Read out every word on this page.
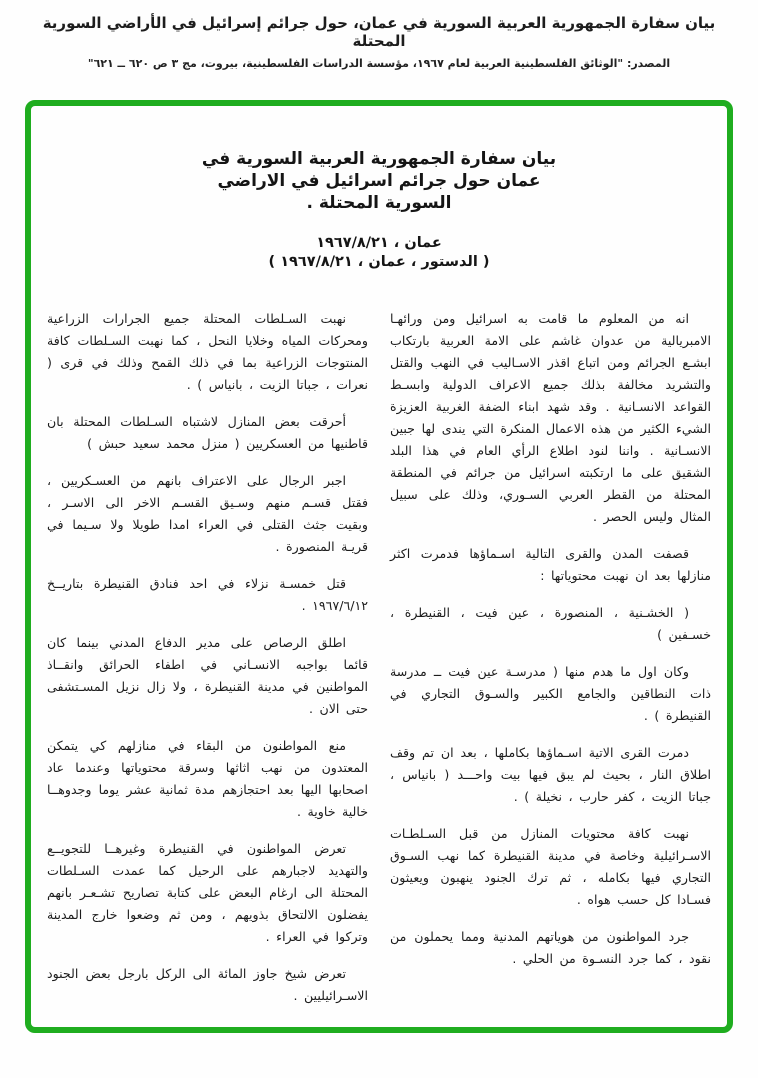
بيان سفارة الجمهورية العربية السورية في عمان، حول جرائم إسرائيل في الأراضي السورية المحتلة
المصدر: "الوثائق الفلسطينية العربية لعام ١٩٦٧، مؤسسة الدراسات الفلسطينية، بيروت، مج ٣ ص ٦٢٠ ــ ٦٢١"
بيان سفارة الجمهورية العربية السورية في
عمان حول جرائم اسرائيل في الاراضي
السورية المحتلة .
عمان ، ١٩٦٧/٨/٢١
( الدستور ، عمان ، ١٩٦٧/٨/٢١ )

انه من المعلوم ما قامت به اسرائيل ومن ورائهـا الامبريالية من عدوان غاشم على الامة العربية بارتكاب ابشـع الجرائم ومن اتباع اقذر الاسـاليب في النهب والقتل والتشريد مخالفة بذلك جميع الاعراف الدولية وابسـط القواعد الانسـانية . وقد شهد ابناء الضفة الغربية العزيزة الشيء الكثير من هذه الاعمال المنكرة التي يندى لها جبين الانسـانية . واننا لنود اطلاع الرأي العام في هذا البلد الشقيق على ما ارتكبته اسرائيل من جرائم في المنطقة المحتلة من القطر العربي السـوري، وذلك على سبيل المثال وليس الحصر .

قصفت المدن والقرى التالية اسـماؤها فدمرت اكثر منازلها بعد ان نهبت محتوياتها :

( الخشـنية ، المنصورة ، عين فيت ، القنيطرة ، خسـفين )

وكان اول ما هدم منها ( مدرسـة عين فيت ــ مدرسة ذات النطاقين والجامع الكبير والسـوق التجاري في القنيطرة ) .

دمرت القرى الاتية اسـماؤها بكاملها ، بعد ان تم وقف اطلاق النار ، بحيث لم يبق فيها بيت واحـــد ( بانياس ، جباتا الزيت ، كفر حارب ، نخيلة ) .

نهبت كافة محتويات المنازل من قبل السـلطـات الاسـرائيلية وخاصة في مدينة القنيطرة كما نهب السـوق التجاري فيها بكامله ، ثم ترك الجنود ينهبون ويعيثون فسـادا كل حسب هواه .

جرد المواطنون من هوياتهم المدنية ومما يحملون من نقود ، كما جرد النسـوة من الحلي .

نهبت السـلطات المحتلة جميع الجرارات الزراعية ومحركات المياه وخلايا النحل ، كما نهبت السـلطات كافة المنتوجات الزراعية بما في ذلك القمح وذلك في قرى ( نعرات ، جباتا الزيت ، بانياس ) .

أحرقت بعض المنازل لاشتباه السـلطات المحتلة بان قاطنيها من العسكريين ( منزل محمد سعيد حبش )

اجبر الرجال على الاعتراف بانهم من العسـكريين ، فقتل قسـم منهم وسـيق القسـم الاخر الى الاسـر ، وبقيت جثث القتلى في العراء امدا طويلا ولا سـيما في قريـة المنصورة .

قتل خمسـة نزلاء في احد فنادق القنيطرة بتاريــخ ١٩٦٧/٦/١٢ .

اطلق الرصاص على مدير الدفاع المدني بينما كان قائما بواجبه الانسـاني في اطفاء الحرائق وانقــاذ المواطنين في مدينة القنيطرة ، ولا زال نزيل المسـتشفى حتى الان .

منع المواطنون من البقاء في منازلهم كي يتمكن المعتدون من نهب اثاثها وسرقة محتوياتها وعندما عاد اصحابها اليها بعد احتجازهم مدة ثمانية عشر يوما وجدوهــا خالية خاوية .

تعرض المواطنون في القنيطرة وغيرهــا للتجويــع والتهديد لاجبارهم على الرحيل كما عمدت السـلطات المحتلة الى ارغام البعض على كتابة تصاريح تشـعـر بانهم يفضلون الالتحاق بذويهم ، ومن ثم وضعوا خارج المدينة وتركوا في العراء .

تعرض شيخ جاوز المائة الى الركل بارجل بعض الجنود الاسـرائيليين .
